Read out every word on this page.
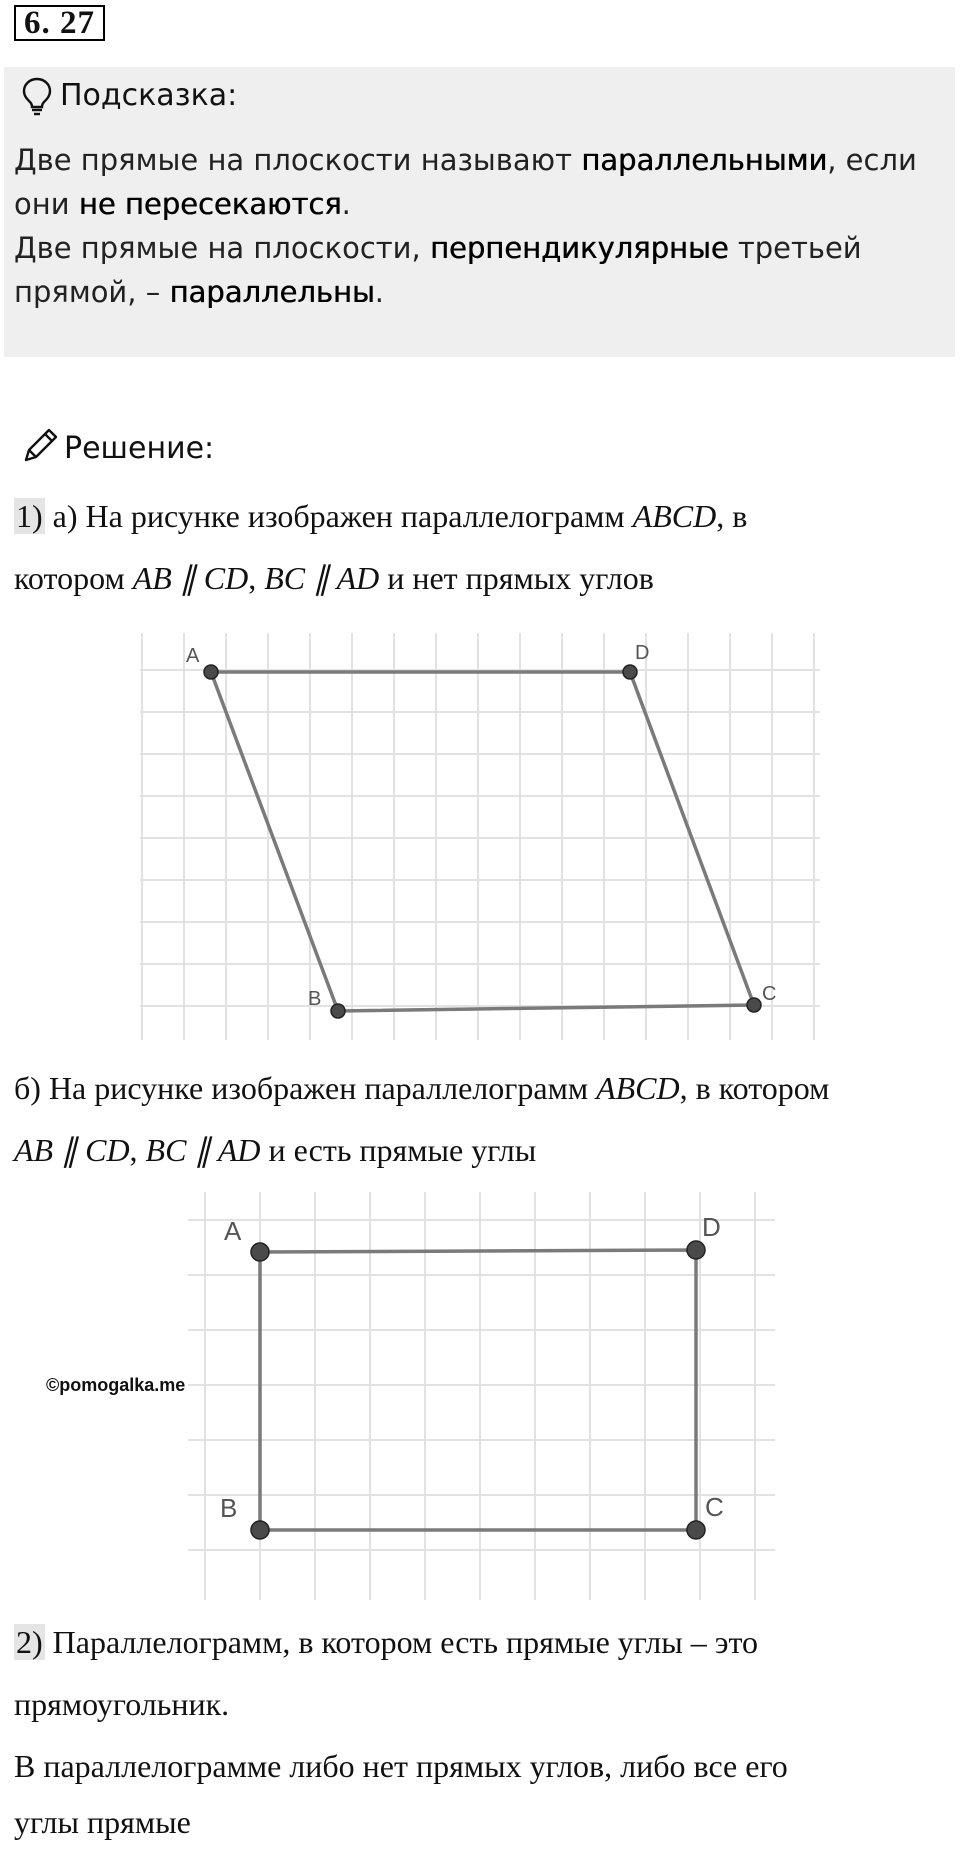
6. 27
Подсказка:
Две прямые на плоскости называют параллельными, если
они не пересекаются.
Две прямые на плоскости, перпендикулярные третьей
прямой, – параллельны.
Решение:
1) а) На рисунке изображен параллелограмм ABCD, в
котором AB ∥ CD, BC ∥ AD и нет прямых углов
A	D
C
B
б) На рисунке изображен параллелограмм ABCD, в котором
AB ∥ CD, BC ∥ AD и есть прямые углы
A	D
C
B
©pomogalka.me
2) Параллелограмм, в котором есть прямые углы – это
прямоугольник.
В параллелограмме либо нет прямых углов, либо все его
углы прямые
